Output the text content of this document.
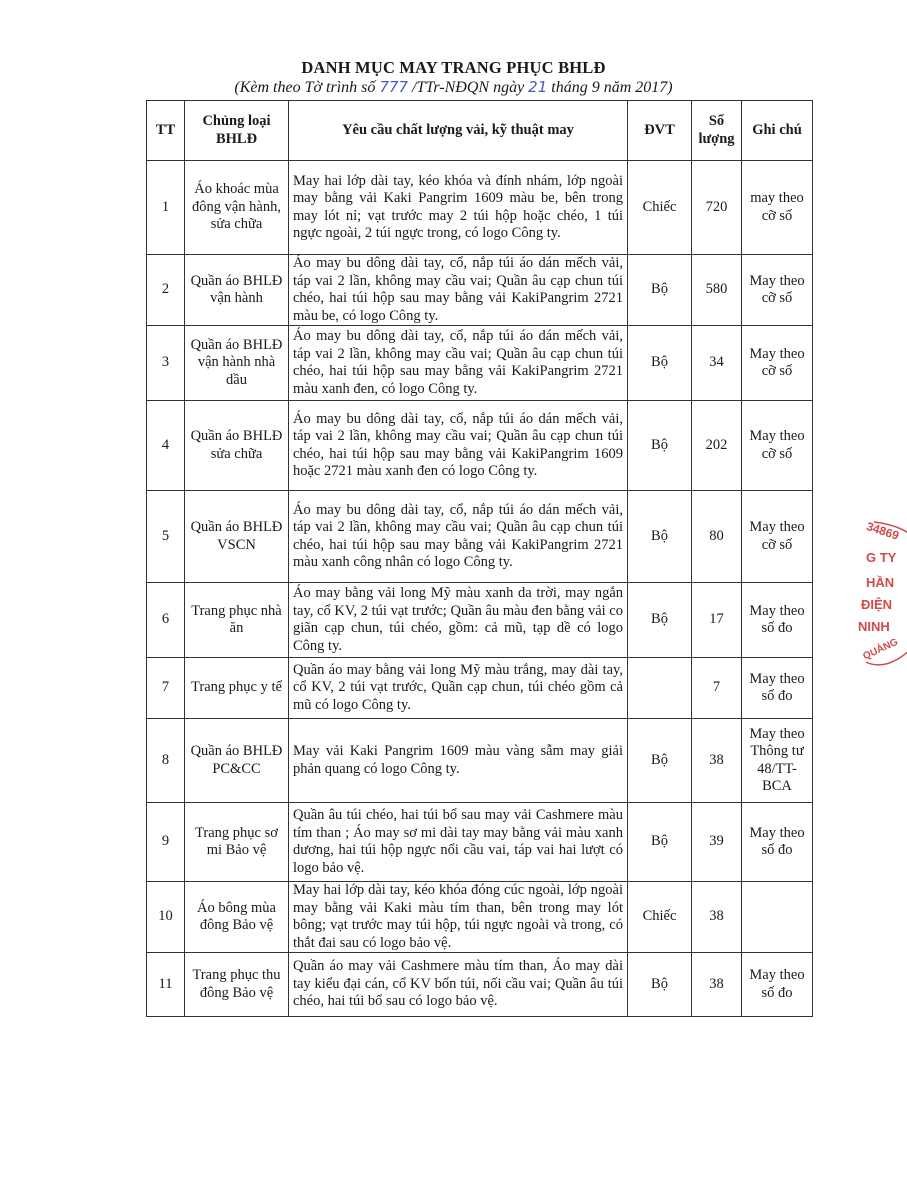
DANH MỤC MAY TRANG PHỤC BHLĐ
(Kèm theo Tờ trình số 777 /TTr-NĐQN ngày 21 tháng 9 năm 2017)
TT	Chủng loại BHLĐ	Yêu cầu chất lượng vải, kỹ thuật may	ĐVT	Số lượng	Ghi chú
1	Áo khoác mùa đông vận hành, sửa chữa	May hai lớp dài tay, kéo khóa và đính nhám, lớp ngoài may bằng vải Kaki Pangrim 1609 màu be, bên trong may lót nỉ; vạt trước may 2 túi hộp hoặc chéo, 1 túi ngực ngoài, 2 túi ngực trong, có logo Công ty.	Chiếc	720	may theo cỡ số
2	Quần áo BHLĐ vận hành	Áo may bu dông dài tay, cổ, nắp túi áo dán mếch vải, táp vai 2 lần, không may cầu vai; Quần âu cạp chun túi chéo, hai túi hộp sau may bằng vải KakiPangrim 2721 màu be, có logo Công ty.	Bộ	580	May theo cỡ số
3	Quần áo BHLĐ vận hành nhà dầu	Áo may bu dông dài tay, cổ, nắp túi áo dán mếch vải, táp vai 2 lần, không may cầu vai; Quần âu cạp chun túi chéo, hai túi hộp sau may bằng vải KakiPangrim 2721 màu xanh đen, có logo Công ty.	Bộ	34	May theo cỡ số
4	Quần áo BHLĐ sửa chữa	Áo may bu dông dài tay, cổ, nắp túi áo dán mếch vải, táp vai 2 lần, không may cầu vai; Quần âu cạp chun túi chéo, hai túi hộp sau may bằng vải KakiPangrim 1609 hoặc 2721 màu xanh đen có logo Công ty.	Bộ	202	May theo cỡ số
5	Quần áo BHLĐ VSCN	Áo may bu dông dài tay, cổ, nắp túi áo dán mếch vải, táp vai 2 lần, không may cầu vai; Quần âu cạp chun túi chéo, hai túi hộp sau may bằng vải KakiPangrim 2721 màu xanh công nhân có logo Công ty.	Bộ	80	May theo cỡ số
6	Trang phục nhà ăn	Áo may bằng vải long Mỹ màu xanh da trời, may ngắn tay, cổ KV, 2 túi vạt trước; Quần âu màu đen bằng vải co giãn cạp chun, túi chéo, gồm: cả mũ, tạp dề có logo Công ty.	Bộ	17	May theo số đo
7	Trang phục y tế	Quần áo may bằng vải long Mỹ màu trắng, may dài tay, cổ KV, 2 túi vạt trước, Quần cạp chun, túi chéo gồm cả mũ có logo Công ty.		7	May theo số đo
8	Quần áo BHLĐ PC&CC	May vải Kaki Pangrim 1609 màu vàng sẫm may giải phản quang có logo Công ty.	Bộ	38	May theo Thông tư 48/TT-BCA
9	Trang phục sơ mi Bảo vệ	Quần âu túi chéo, hai túi bổ sau may vải Cashmere màu tím than ; Áo may sơ mi dài tay may bằng vải màu xanh dương, hai túi hộp ngực nối cầu vai, táp vai hai lượt có logo bảo vệ.	Bộ	39	May theo số đo
10	Áo bông mùa đông Bảo vệ	May hai lớp dài tay, kéo khóa đóng cúc ngoài, lớp ngoài may bằng vải Kaki màu tím than, bên trong may lót bông; vạt trước may túi hộp, túi ngực ngoài và trong, có thắt đai sau có logo bảo vệ.	Chiếc	38	
11	Trang phục thu đông Bảo vệ	Quần áo may vải Cashmere màu tím than, Áo may dài tay kiểu đại cán, cổ KV bốn túi, nối cầu vai; Quần âu túi chéo, hai túi bổ sau có logo bảo vệ.	Bộ	38	May theo số đo
34869
G TY
HẦN
ĐIỆN
NINH
QUẢNG
